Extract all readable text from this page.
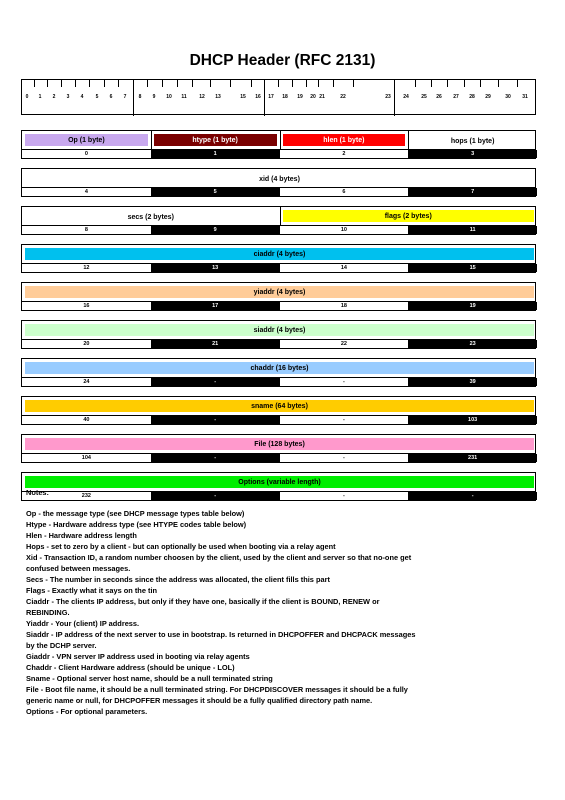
DHCP Header (RFC 2131)
0 1 2 3 4 5 6 7 8 9 10 11	12 13	15 16 17 18 19 20 21	22	23 24 25 26 27 28 29	30 31
Op (1 byte)	htype (1 byte)	hlen (1 byte)	hops (1 byte)
0	1	2	3
xid (4 bytes)
4	5	6	7
secs (2 bytes)	flags (2 bytes)
8	9	10	11
ciaddr (4 bytes)
12	13	14	15
yiaddr (4 bytes)
16	17	18	19
siaddr (4 bytes)
20	21	22	23
chaddr (16 bytes)
24	-	-	39
sname (64 bytes)
40	-	-	103
File (128 bytes)
104	-	-	231
Options (variable length)
232	-	-	-

Notes:

Op - the message type (see DHCP message types table below)

Htype - Hardware address type (see HTYPE codes table below)

Hlen - Hardware address length

Hops - set to zero by a client - but can optionally be used when booting via a relay agent

Xid - Transaction ID, a random number choosen by the client, used by the client and server so that no-one get

confused between messages.

Secs - The number in seconds since the address was allocated, the client fills this part

Flags - Exactly what it says on the tin

Ciaddr - The clients IP address, but only if they have one, basically if the client is BOUND, RENEW or

REBINDING.

Yiaddr - Your (client) IP address.

Siaddr - IP address of the next server to use in bootstrap. Is returned in DHCPOFFER and DHCPACK messages

by the DCHP server.

Giaddr - VPN server IP address used in booting via relay agents

Chaddr - Client Hardware address (should be unique - LOL)

Sname - Optional server host name, should be a null terminated string

File - Boot file name, it should be a null terminated string. For DHCPDISCOVER messages it should be a fully

generic name or null, for DHCPOFFER messages it should be a fully qualified directory path name.

Options - For optional parameters.
